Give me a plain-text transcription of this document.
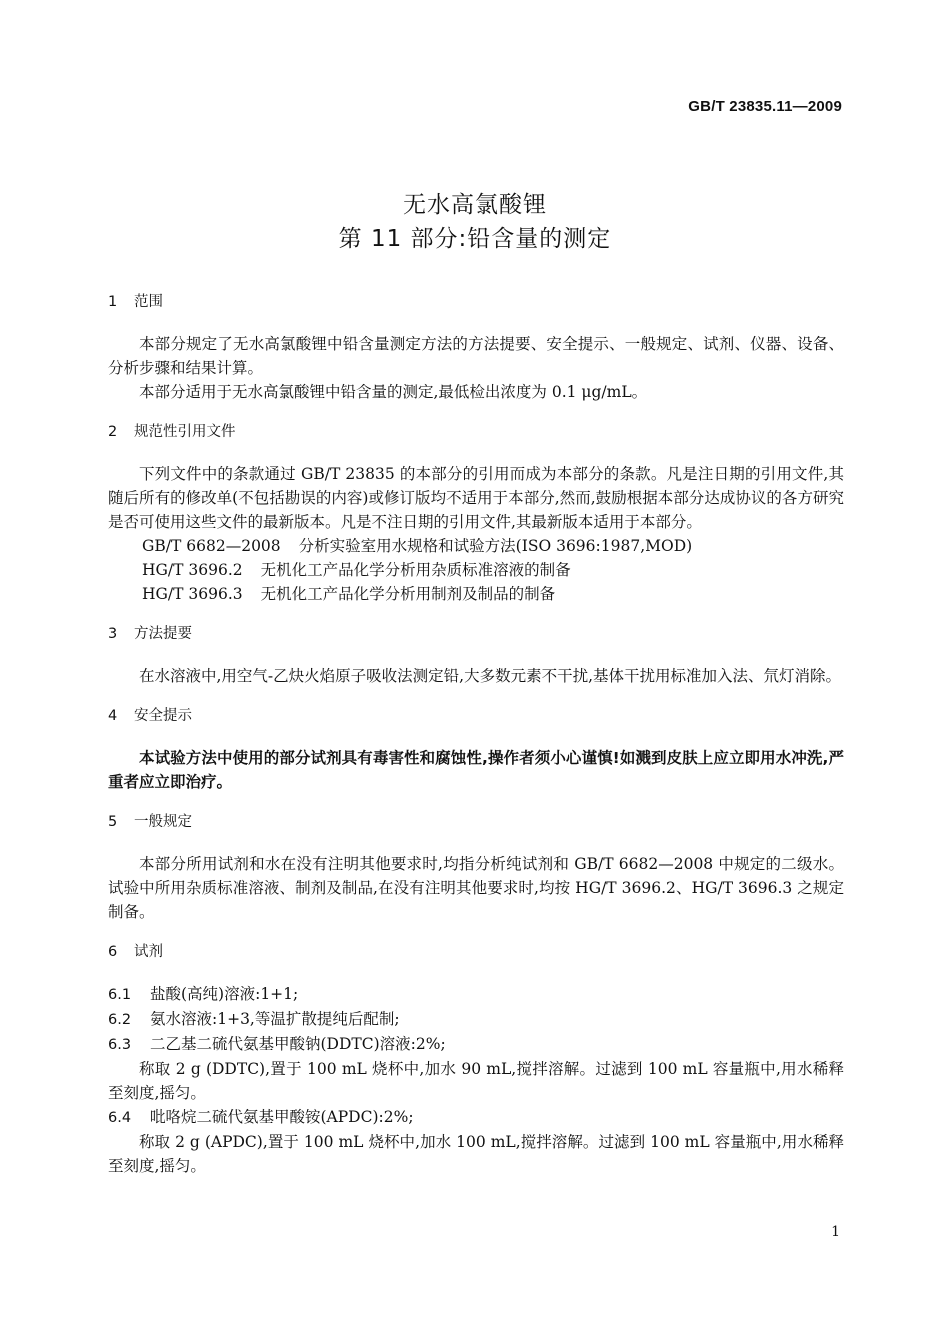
GB/T 23835.11—2009
无水高氯酸锂
第 11 部分:铅含量的测定
1 范围

本部分规定了无水高氯酸锂中铅含量测定方法的方法提要、安全提示、一般规定、试剂、仪器、设备、分析步骤和结果计算。

本部分适用于无水高氯酸锂中铅含量的测定,最低检出浓度为 0.1 μg/mL。

2 规范性引用文件

下列文件中的条款通过 GB/T 23835 的本部分的引用而成为本部分的条款。凡是注日期的引用文件,其随后所有的修改单(不包括勘误的内容)或修订版均不适用于本部分,然而,鼓励根据本部分达成协议的各方研究是否可使用这些文件的最新版本。凡是不注日期的引用文件,其最新版本适用于本部分。

GB/T 6682—2008 分析实验室用水规格和试验方法(ISO 3696:1987,MOD)

HG/T 3696.2 无机化工产品化学分析用杂质标准溶液的制备

HG/T 3696.3 无机化工产品化学分析用制剂及制品的制备

3 方法提要

在水溶液中,用空气-乙炔火焰原子吸收法测定铅,大多数元素不干扰,基体干扰用标准加入法、氘灯消除。

4 安全提示

本试验方法中使用的部分试剂具有毒害性和腐蚀性,操作者须小心谨慎!如溅到皮肤上应立即用水冲洗,严重者应立即治疗。

5 一般规定

本部分所用试剂和水在没有注明其他要求时,均指分析纯试剂和 GB/T 6682—2008 中规定的二级水。试验中所用杂质标准溶液、制剂及制品,在没有注明其他要求时,均按 HG/T 3696.2、HG/T 3696.3 之规定制备。

6 试剂

6.1 盐酸(高纯)溶液:1+1;

6.2 氨水溶液:1+3,等温扩散提纯后配制;

6.3 二乙基二硫代氨基甲酸钠(DDTC)溶液:2%;

称取 2 g (DDTC),置于 100 mL 烧杯中,加水 90 mL,搅拌溶解。过滤到 100 mL 容量瓶中,用水稀释至刻度,摇匀。

6.4 吡咯烷二硫代氨基甲酸铵(APDC):2%;

称取 2 g (APDC),置于 100 mL 烧杯中,加水 100 mL,搅拌溶解。过滤到 100 mL 容量瓶中,用水稀释至刻度,摇匀。

1
